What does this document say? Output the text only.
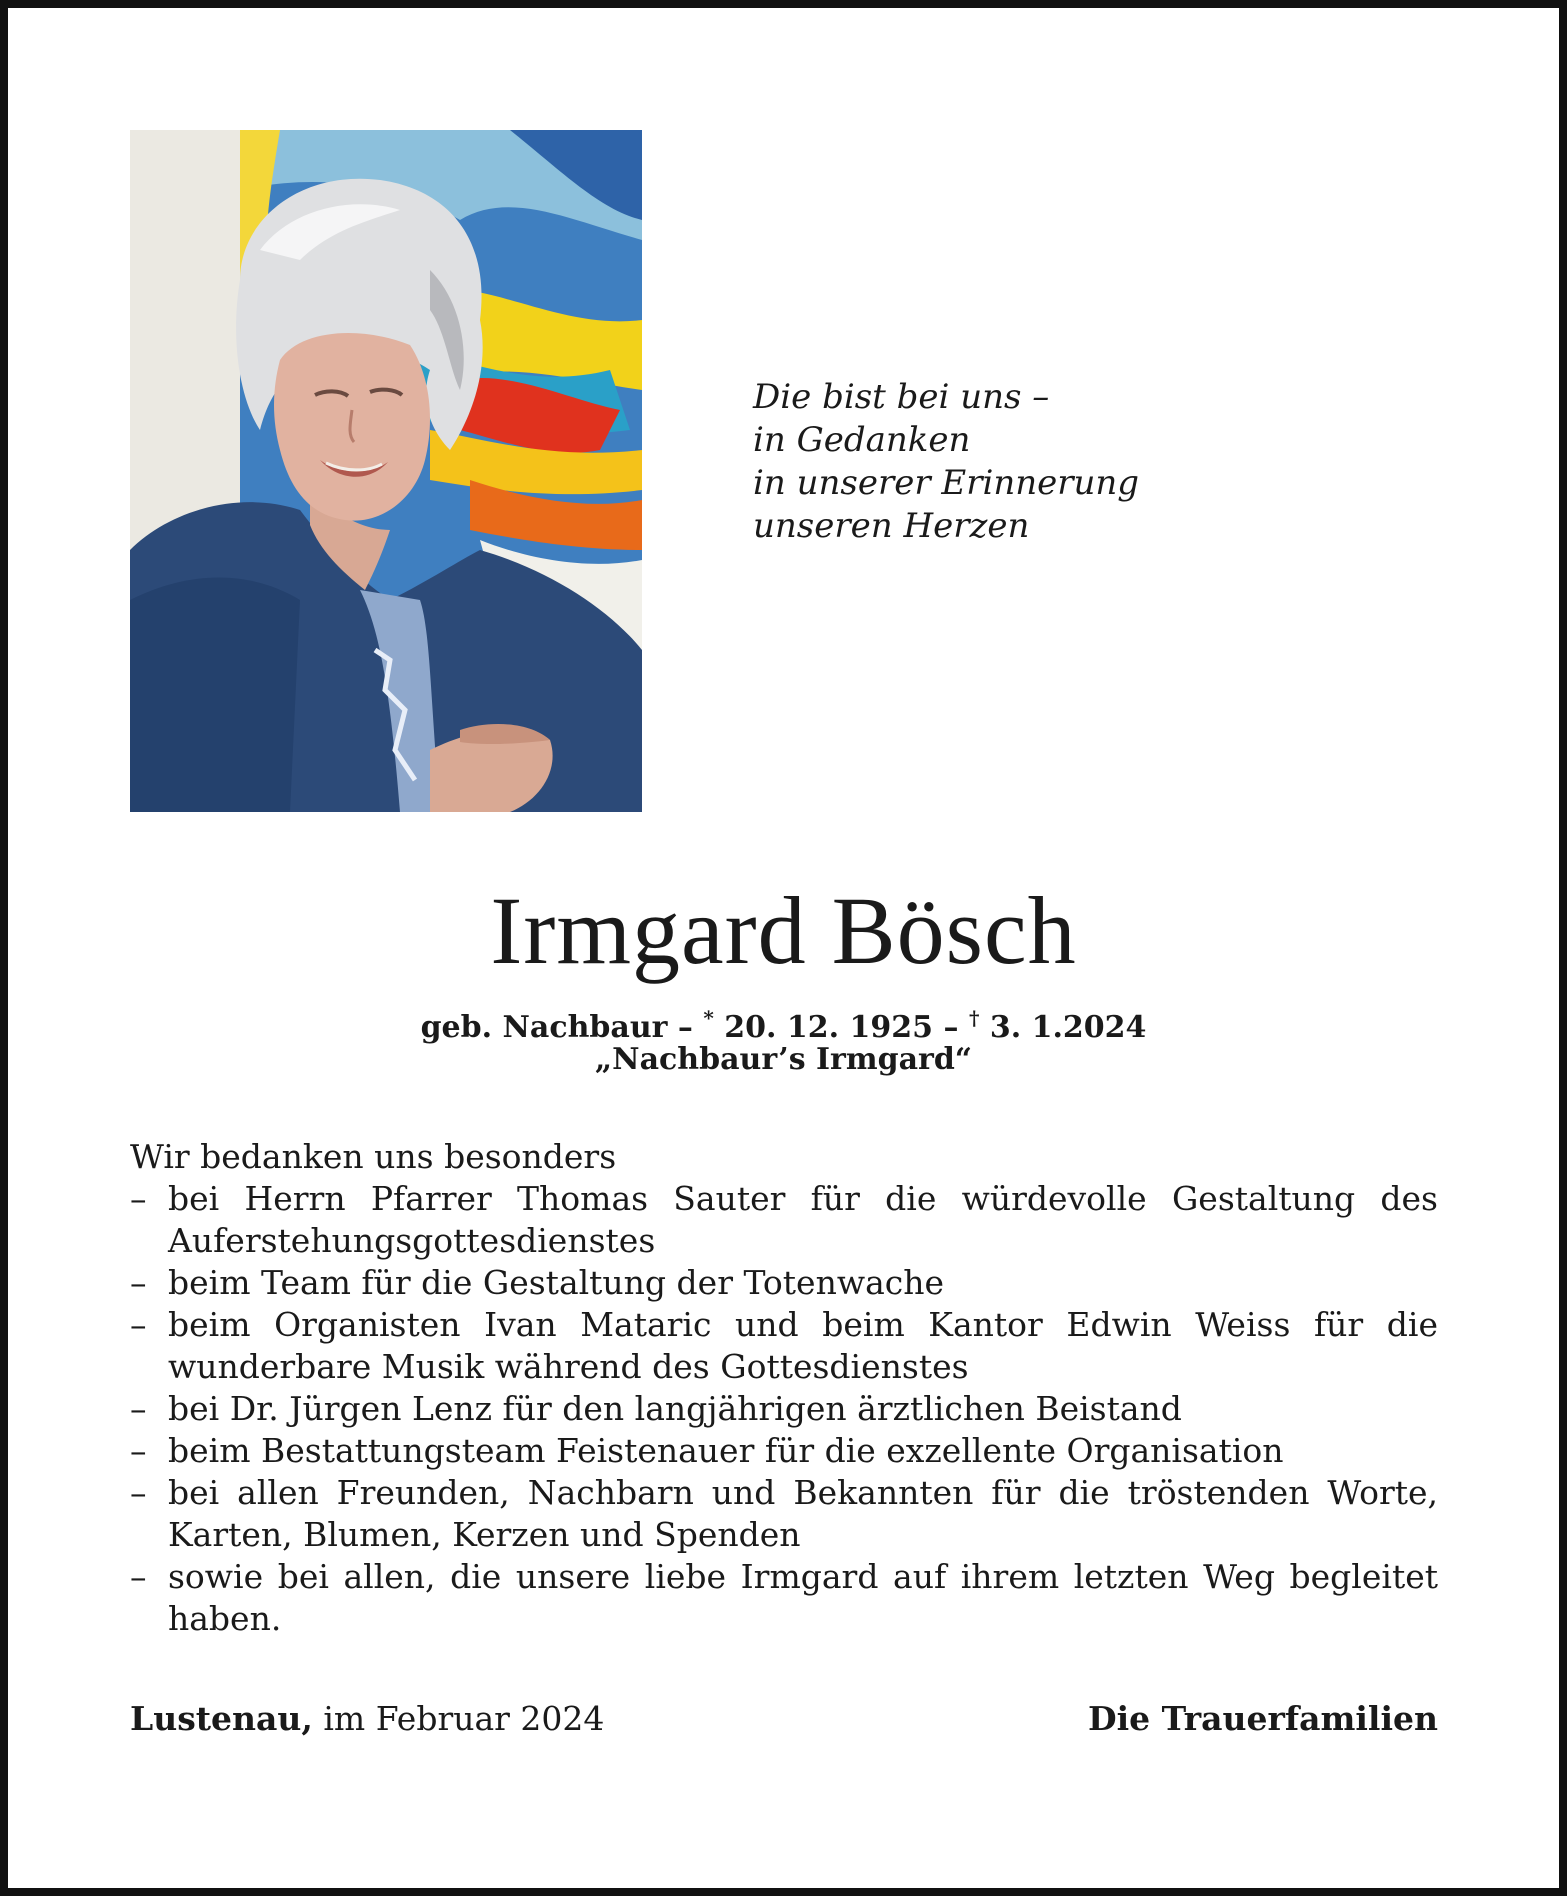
Die bist bei uns –
in Gedanken
in unserer Erinnerung
unseren Herzen
Irmgard Bösch
geb. Nachbaur – * 20. 12. 1925 – † 3. 1.2024
„Nachbaur’s Irmgard“
Wir bedanken uns besonders
– bei Herrn Pfarrer Thomas Sauter für die würdevolle Gestaltung des Auferstehungsgottesdienstes
– beim Team für die Gestaltung der Totenwache
– beim Organisten Ivan Mataric und beim Kantor Edwin Weiss für die wunderbare Musik während des Gottesdienstes
– bei Dr. Jürgen Lenz für den langjährigen ärztlichen Beistand
– beim Bestattungsteam Feistenauer für die exzellente Organisation
– bei allen Freunden, Nachbarn und Bekannten für die tröstenden Worte, Karten, Blumen, Kerzen und Spenden
– sowie bei allen, die unsere liebe Irmgard auf ihrem letzten Weg begleitet haben.
Lustenau, im Februar 2024	Die Trauerfamilien
